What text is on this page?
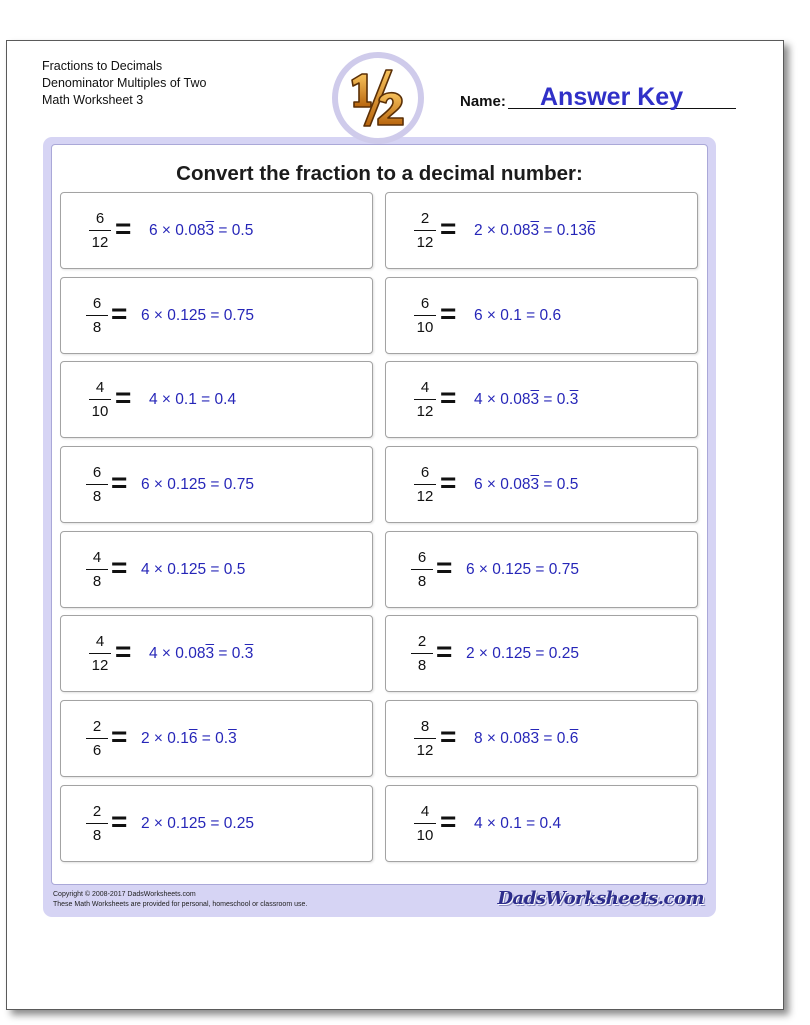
Fractions to Decimals
Denominator Multiples of Two
Math Worksheet 3	Name: Answer Key
Convert the fraction to a decimal number:
6
12 = 6 × 0.083 = 0.5
2
12 = 2 × 0.083 = 0.136
6
8 = 6 × 0.125 = 0.75
6
10 = 6 × 0.1 = 0.6
4
10 = 4 × 0.1 = 0.4
4
12 = 4 × 0.083 = 0.3
6
8 = 6 × 0.125 = 0.75
6
12 = 6 × 0.083 = 0.5
4
8 = 4 × 0.125 = 0.5
6
8 = 6 × 0.125 = 0.75
4
12 = 4 × 0.083 = 0.3
2
8 = 2 × 0.125 = 0.25
2
6 = 2 × 0.16 = 0.3
8
12 = 8 × 0.083 = 0.6
2
8 = 2 × 0.125 = 0.25
4
10 = 4 × 0.1 = 0.4
Copyright © 2008-2017 DadsWorksheets.com
These Math Worksheets are provided for personal, homeschool or classroom use.	DadsWorksheets.com
